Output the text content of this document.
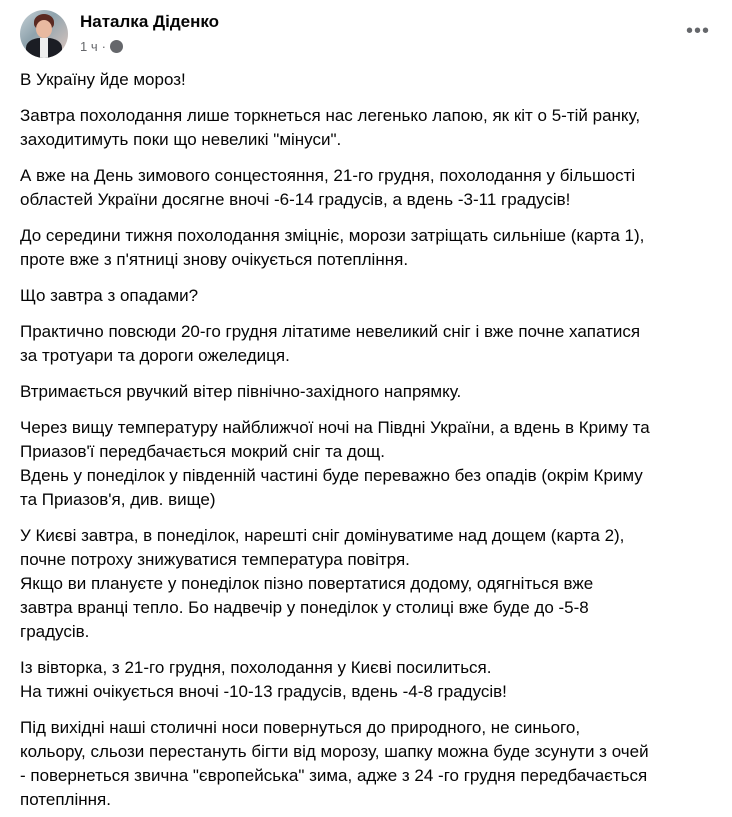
Наталка Діденко
1 ч ·
•••

В Україну йде мороз!

Завтра похолодання лише торкнеться нас легенько лапою, як кіт о 5-тій ранку,
заходитимуть поки що невеликі "мінуси".

А вже на День зимового сонцестояння, 21-го грудня, похолодання у більшості
областей України досягне вночі -6-14 градусів, а вдень -3-11 градусів!

До середини тижня похолодання зміцніє, морози затріщать сильніше (карта 1),
проте вже з п'ятниці знову очікується потепління.

Що завтра з опадами?

Практично повсюди 20-го грудня літатиме невеликий сніг і вже почне хапатися
за тротуари та дороги ожеледиця.

Втримається рвучкий вітер північно-західного напрямку.

Через вищу температуру найближчої ночі на Півдні України, а вдень в Криму та
Приазов'ї передбачається мокрий сніг та дощ.
Вдень у понеділок у південній частині буде переважно без опадів (окрім Криму
та Приазов'я, див. вище)

У Києві завтра, в понеділок, нарешті сніг домінуватиме над дощем (карта 2),
почне потроху знижуватися температура повітря.
Якщо ви плануєте у понеділок пізно повертатися додому, одягніться вже
завтра вранці тепло. Бо надвечір у понеділок у столиці вже буде до -5-8
градусів.

Із вівторка, з 21-го грудня, похолодання у Києві посилиться.
На тижні очікується вночі -10-13 градусів, вдень -4-8 градусів!

Під вихідні наші столичні носи повернуться до природного, не синього,
кольору, сльози перестануть бігти від морозу, шапку можна буде зсунути з очей
- повернеться звична "європейська" зима, адже з 24 -го грудня передбачається
потепління.
